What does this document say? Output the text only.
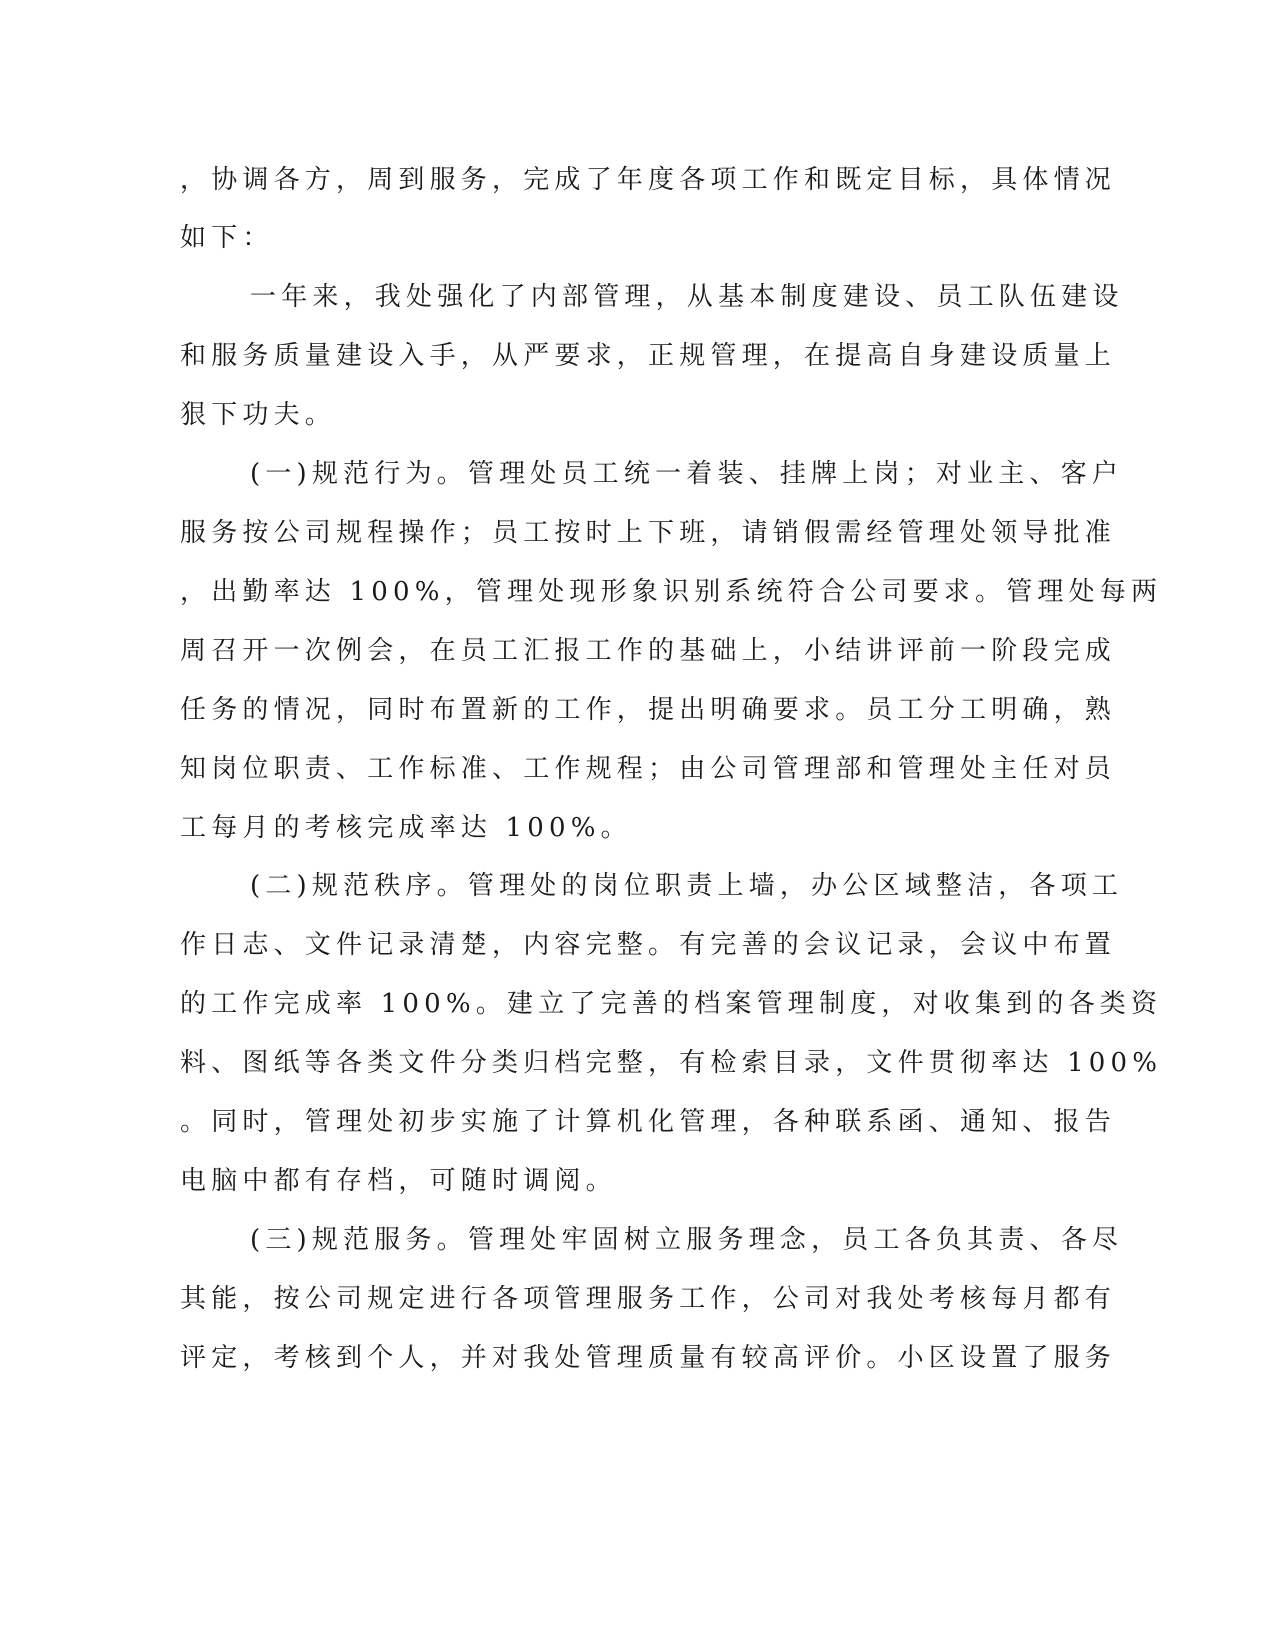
，协调各方，周到服务，完成了年度各项工作和既定目标，具体情况
如下：
一年来，我处强化了内部管理，从基本制度建设、员工队伍建设
和服务质量建设入手，从严要求，正规管理，在提高自身建设质量上
狠下功夫。
(一)规范行为。管理处员工统一着装、挂牌上岗；对业主、客户
服务按公司规程操作；员工按时上下班，请销假需经管理处领导批准
，出勤率达 100%，管理处现形象识别系统符合公司要求。管理处每两
周召开一次例会，在员工汇报工作的基础上，小结讲评前一阶段完成
任务的情况，同时布置新的工作，提出明确要求。员工分工明确，熟
知岗位职责、工作标准、工作规程；由公司管理部和管理处主任对员
工每月的考核完成率达 100%。
(二)规范秩序。管理处的岗位职责上墙，办公区域整洁，各项工
作日志、文件记录清楚，内容完整。有完善的会议记录，会议中布置
的工作完成率 100%。建立了完善的档案管理制度，对收集到的各类资
料、图纸等各类文件分类归档完整，有检索目录，文件贯彻率达 100%
。同时，管理处初步实施了计算机化管理，各种联系函、通知、报告
电脑中都有存档，可随时调阅。
(三)规范服务。管理处牢固树立服务理念，员工各负其责、各尽
其能，按公司规定进行各项管理服务工作，公司对我处考核每月都有
评定，考核到个人，并对我处管理质量有较高评价。小区设置了服务
